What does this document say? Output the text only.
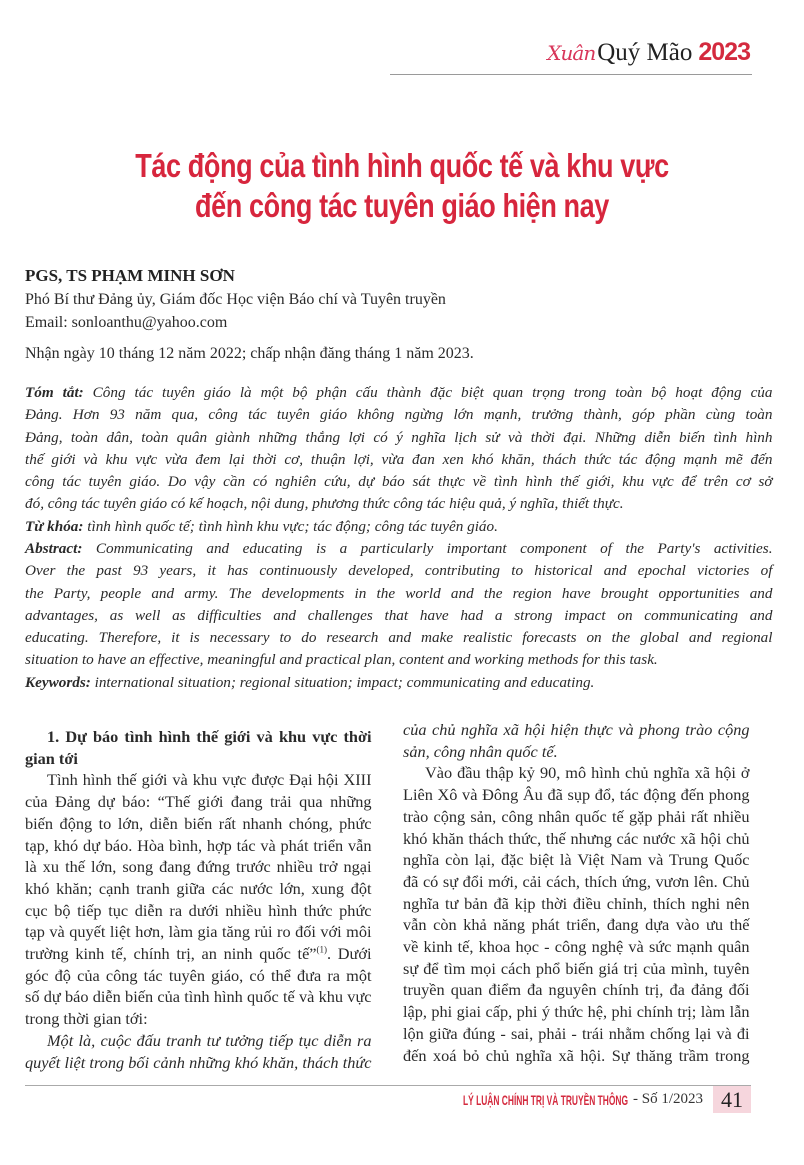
XuânQuý Mão 2023
Tác động của tình hình quốc tế và khu vực
đến công tác tuyên giáo hiện nay
PGS, TS PHẠM MINH SƠN
Phó Bí thư Đảng ủy, Giám đốc Học viện Báo chí và Tuyên truyền
Email: sonloanthu@yahoo.com
Nhận ngày 10 tháng 12 năm 2022; chấp nhận đăng tháng 1 năm 2023.
Tóm tắt: Công tác tuyên giáo là một bộ phận cấu thành đặc biệt quan trọng trong toàn bộ hoạt động của
Đảng. Hơn 93 năm qua, công tác tuyên giáo không ngừng lớn mạnh, trưởng thành, góp phần cùng toàn
Đảng, toàn dân, toàn quân giành những thắng lợi có ý nghĩa lịch sử và thời đại. Những diễn biến tình hình
thế giới và khu vực vừa đem lại thời cơ, thuận lợi, vừa đan xen khó khăn, thách thức tác động mạnh mẽ đến
công tác tuyên giáo. Do vậy cần có nghiên cứu, dự báo sát thực về tình hình thế giới, khu vực để trên cơ sở
đó, công tác tuyên giáo có kế hoạch, nội dung, phương thức công tác hiệu quả, ý nghĩa, thiết thực.
Từ khóa: tình hình quốc tế; tình hình khu vực; tác động; công tác tuyên giáo.
Abstract: Communicating and educating is a particularly important component of the Party's activities.
Over the past 93 years, it has continuously developed, contributing to historical and epochal victories of
the Party, people and army. The developments in the world and the region have brought opportunities and
advantages, as well as difficulties and challenges that have had a strong impact on communicating and
educating. Therefore, it is necessary to do research and make realistic forecasts on the global and regional
situation to have an effective, meaningful and practical plan, content and working methods for this task.
Keywords: international situation; regional situation; impact; communicating and educating.
1. Dự báo tình hình thế giới và khu vực thời
gian tới
Tình hình thế giới và khu vực được Đại hội XIII
của Đảng dự báo: “Thế giới đang trải qua những
biến động to lớn, diễn biến rất nhanh chóng, phức
tạp, khó dự báo. Hòa bình, hợp tác và phát triển vẫn
là xu thế lớn, song đang đứng trước nhiều trở ngại
khó khăn; cạnh tranh giữa các nước lớn, xung đột
cục bộ tiếp tục diễn ra dưới nhiều hình thức phức
tạp và quyết liệt hơn, làm gia tăng rủi ro đối với môi
trường kinh tế, chính trị, an ninh quốc tế”$^{(1)}$. Dưới
góc độ của công tác tuyên giáo, có thể đưa ra một
số dự báo diễn biến của tình hình quốc tế và khu vực
trong thời gian tới:
Một là, cuộc đấu tranh tư tưởng tiếp tục diễn ra
quyết liệt trong bối cảnh những khó khăn, thách thức
của chủ nghĩa xã hội hiện thực và phong trào cộng
sản, công nhân quốc tế.
Vào đầu thập kỷ 90, mô hình chủ nghĩa xã hội ở
Liên Xô và Đông Âu đã sụp đổ, tác động đến phong
trào cộng sản, công nhân quốc tế gặp phải rất nhiều
khó khăn thách thức, thế nhưng các nước xã hội chủ
nghĩa còn lại, đặc biệt là Việt Nam và Trung Quốc
đã có sự đổi mới, cải cách, thích ứng, vươn lên. Chủ
nghĩa tư bản đã kịp thời điều chỉnh, thích nghi nên
vẫn còn khả năng phát triển, đang dựa vào ưu thế
về kinh tế, khoa học - công nghệ và sức mạnh quân
sự để tìm mọi cách phổ biến giá trị của mình, tuyên
truyền quan điểm đa nguyên chính trị, đa đảng đối
lập, phi giai cấp, phi ý thức hệ, phi chính trị; làm lẫn
lộn giữa đúng - sai, phải - trái nhằm chống lại và đi
đến xoá bỏ chủ nghĩa xã hội. Sự thăng trầm trong
LÝ LUẬN CHÍNH TRỊ VÀ TRUYỀN THÔNG - Số 1/2023 41
